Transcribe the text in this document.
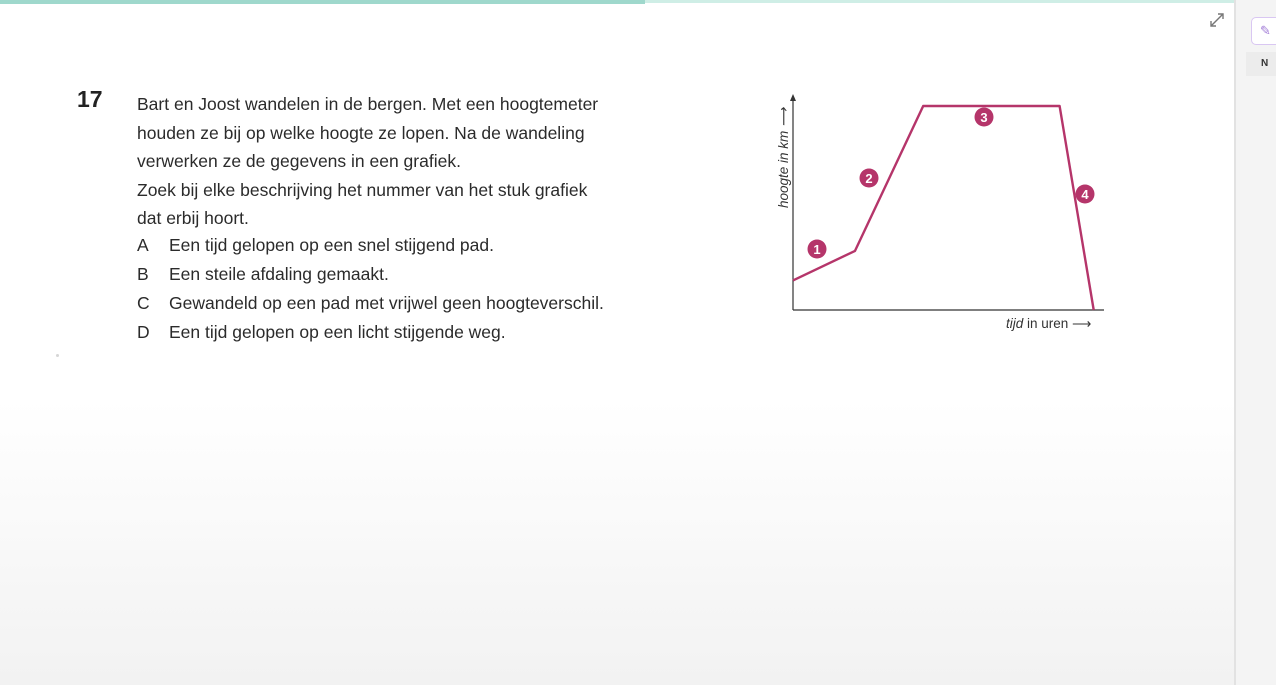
17 Bart en Joost wandelen in de bergen. Met een hoogtemeter

houden ze bij op welke hoogte ze lopen. Na de wandeling

verwerken ze de gegevens in een grafiek.

Zoek bij elke beschrijving het nummer van het stuk grafiek

dat erbij hoort.

A	Een tijd gelopen op een snel stijgend pad.
B	Een steile afdaling gemaakt.
C	Gewandeld op een pad met vrijwel geen hoogteverschil.
D	Een tijd gelopen op een licht stijgende weg.
hoogte in km ⟶
tijd in uren ⟶
1
2
3
4
✎
N
